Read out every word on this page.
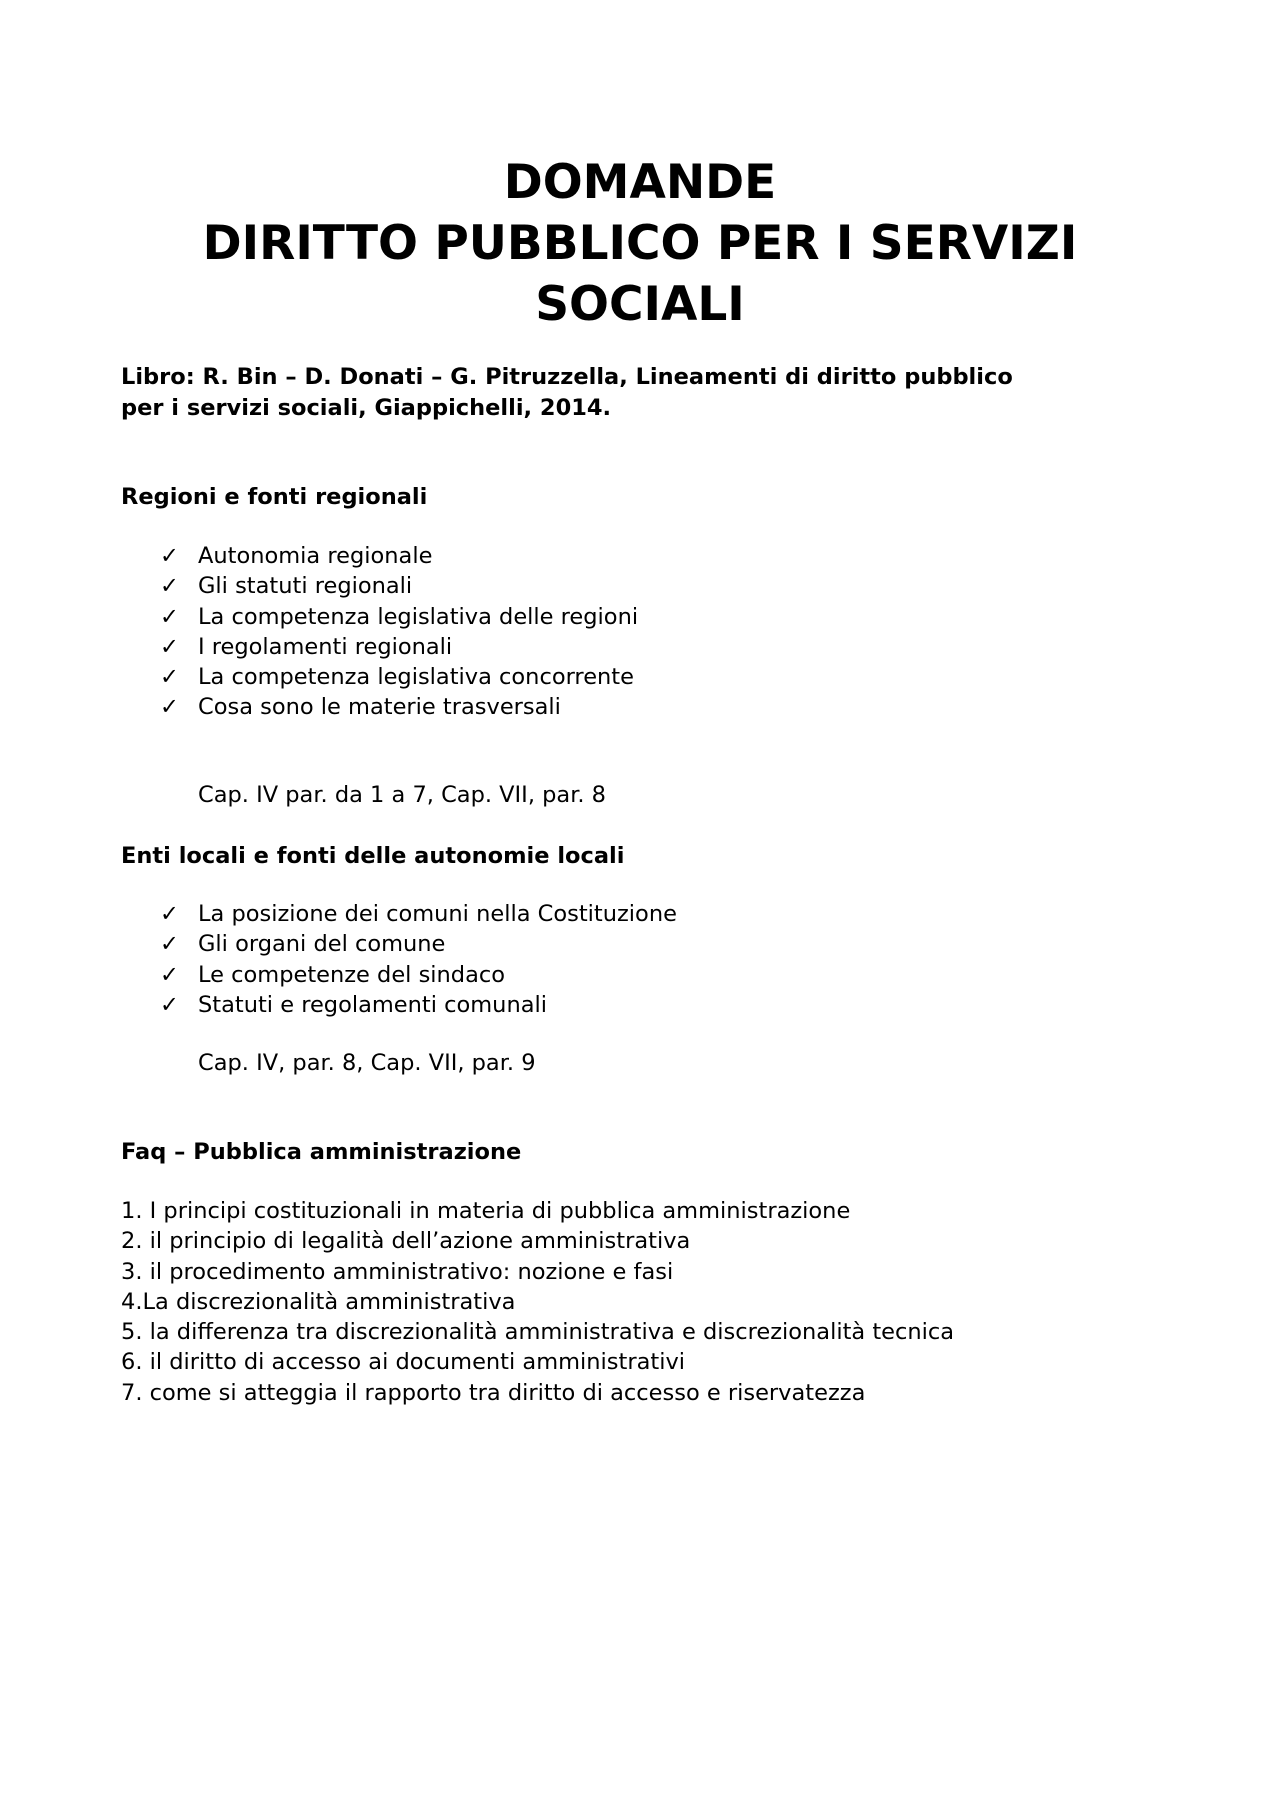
DOMANDE
DIRITTO PUBBLICO PER I SERVIZI
SOCIALI
Libro: R. Bin – D. Donati – G. Pitruzzella, Lineamenti di diritto pubblico
per i servizi sociali, Giappichelli, 2014.
Regioni e fonti regionali
✓ Autonomia regionale
✓ Gli statuti regionali
✓ La competenza legislativa delle regioni
✓ I regolamenti regionali
✓ La competenza legislativa concorrente
✓ Cosa sono le materie trasversali
Cap. IV par. da 1 a 7, Cap. VII, par. 8
Enti locali e fonti delle autonomie locali
✓ La posizione dei comuni nella Costituzione
✓ Gli organi del comune
✓ Le competenze del sindaco
✓ Statuti e regolamenti comunali
Cap. IV, par. 8, Cap. VII, par. 9
Faq – Pubblica amministrazione
1. I principi costituzionali in materia di pubblica amministrazione
2. il principio di legalità dell’azione amministrativa
3. il procedimento amministrativo: nozione e fasi
4.La discrezionalità amministrativa
5. la differenza tra discrezionalità amministrativa e discrezionalità tecnica
6. il diritto di accesso ai documenti amministrativi
7. come si atteggia il rapporto tra diritto di accesso e riservatezza
